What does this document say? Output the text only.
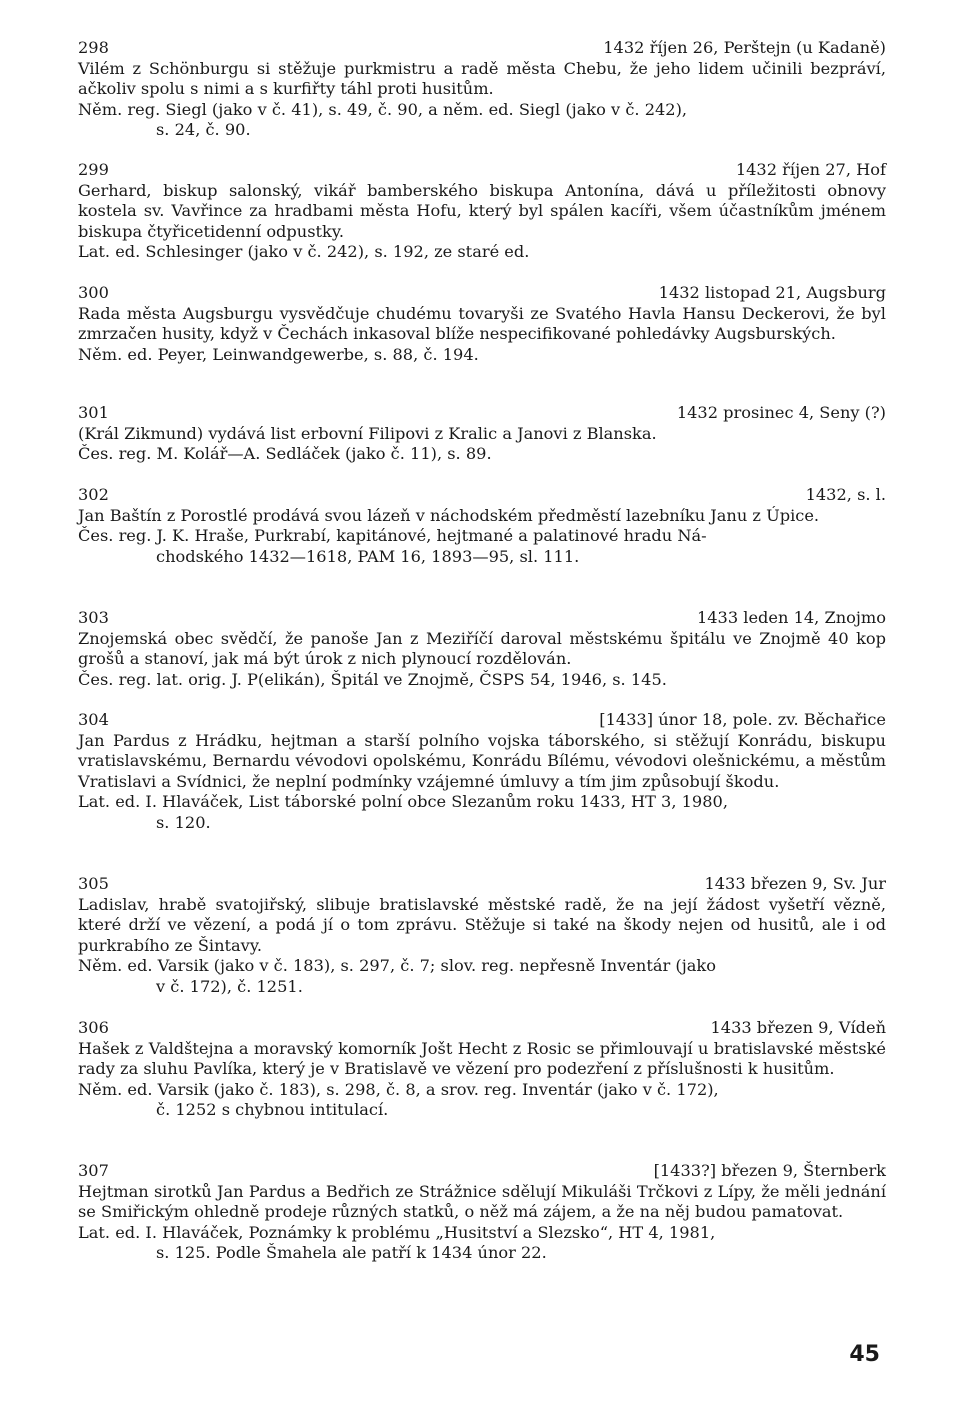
298	1432 říjen 26, Perštejn (u Kadaně)
Vilém z Schönburgu si stěžuje purkmistru a radě města Chebu, že jeho lidem učinili bezpráví, ačkoliv spolu s nimi a s kurfiřty táhl proti husitům.
Něm. reg. Siegl (jako v č. 41), s. 49, č. 90, a něm. ed. Siegl (jako v č. 242),
s. 24, č. 90.
299	1432 říjen 27, Hof
Gerhard, biskup salonský, vikář bamberského biskupa Antonína, dává u příležitosti obnovy kostela sv. Vavřince za hradbami města Hofu, který byl spálen kacíři, všem účastníkům jménem biskupa čtyřicetidenní odpustky.
Lat. ed. Schlesinger (jako v č. 242), s. 192, ze staré ed.
300	1432 listopad 21, Augsburg
Rada města Augsburgu vysvědčuje chudému tovaryši ze Svatého Havla Hansu Deckerovi, že byl zmrzačen husity, když v Čechách inkasoval blíže nespecifikované pohledávky Augsburských.
Něm. ed. Peyer, Leinwandgewerbe, s. 88, č. 194.
301	1432 prosinec 4, Seny (?)
(Král Zikmund) vydává list erbovní Filipovi z Kralic a Janovi z Blanska.
Čes. reg. M. Kolář—A. Sedláček (jako č. 11), s. 89.
302	1432, s. l.
Jan Baštín z Porostlé prodává svou lázeň v náchodském předměstí lazebníku Janu z Úpice.
Čes. reg. J. K. Hraše, Purkrabí, kapitánové, hejtmané a palatinové hradu Ná-
chodského 1432—1618, PAM 16, 1893—95, sl. 111.
303	1433 leden 14, Znojmo
Znojemská obec svědčí, že panoše Jan z Meziříčí daroval městskému špitálu ve Znojmě 40 kop grošů a stanoví, jak má být úrok z nich plynoucí rozdělován.
Čes. reg. lat. orig. J. P(elikán), Špitál ve Znojmě, ČSPS 54, 1946, s. 145.
304	[1433] únor 18, pole. zv. Běchařice
Jan Pardus z Hrádku, hejtman a starší polního vojska táborského, si stěžují Konrádu, biskupu vratislavskému, Bernardu vévodovi opolskému, Konrádu Bílému, vévodovi olešnickému, a městům Vratislavi a Svídnici, že neplní podmínky vzájemné úmluvy a tím jim způsobují škodu.
Lat. ed. I. Hlaváček, List táborské polní obce Slezanům roku 1433, HT 3, 1980,
s. 120.
305	1433 březen 9, Sv. Jur
Ladislav, hrabě svatojiřský, slibuje bratislavské městské radě, že na její žádost vyšetří vězně, které drží ve vězení, a podá jí o tom zprávu. Stěžuje si také na škody nejen od husitů, ale i od purkrabího ze Šintavy.
Něm. ed. Varsik (jako v č. 183), s. 297, č. 7; slov. reg. nepřesně Inventár (jako
v č. 172), č. 1251.
306	1433 březen 9, Vídeň
Hašek z Valdštejna a moravský komorník Jošt Hecht z Rosic se přimlouvají u bratislavské městské rady za sluhu Pavlíka, který je v Bratislavě ve vězení pro podezření z příslušnosti k husitům.
Něm. ed. Varsik (jako č. 183), s. 298, č. 8, a srov. reg. Inventár (jako v č. 172),
č. 1252 s chybnou intitulací.
307	[1433?] březen 9, Šternberk
Hejtman sirotků Jan Pardus a Bedřich ze Strážnice sdělují Mikuláši Trčkovi z Lípy, že měli jednání se Smiřickým ohledně prodeje různých statků, o něž má zájem, a že na něj budou pamatovat.
Lat. ed. I. Hlaváček, Poznámky k problému „Husitství a Slezsko“, HT 4, 1981,
s. 125. Podle Šmahela ale patří k 1434 únor 22.
45
